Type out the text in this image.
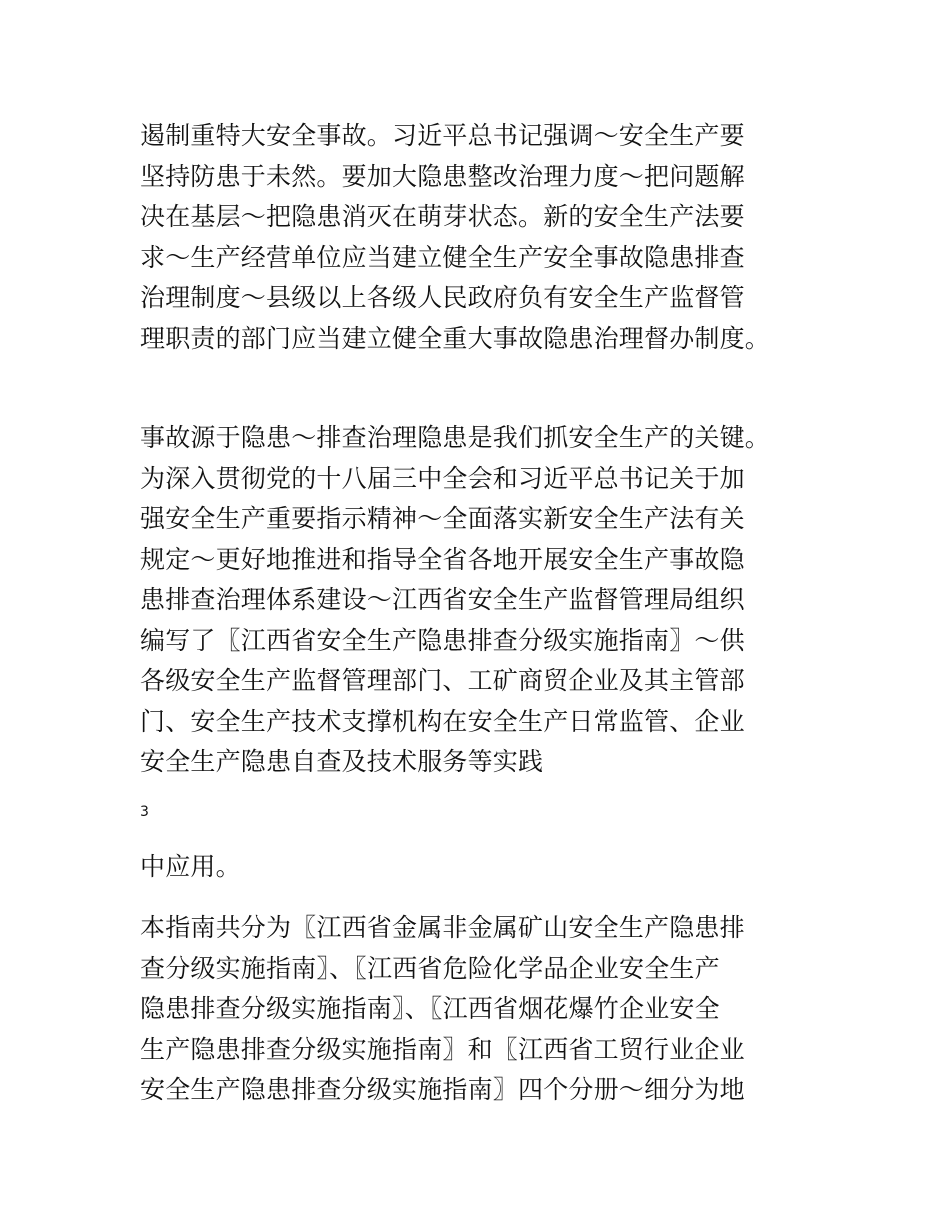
遏制重特大安全事故。习近平总书记强调～安全生产要
坚持防患于未然。要加大隐患整改治理力度～把问题解
决在基层～把隐患消灭在萌芽状态。新的安全生产法要
求～生产经营单位应当建立健全生产安全事故隐患排查
治理制度～县级以上各级人民政府负有安全生产监督管
理职责的部门应当建立健全重大事故隐患治理督办制度。
事故源于隐患～排查治理隐患是我们抓安全生产的关键。
为深入贯彻党的十八届三中全会和习近平总书记关于加
强安全生产重要指示精神～全面落实新安全生产法有关
规定～更好地推进和指导全省各地开展安全生产事故隐
患排查治理体系建设～江西省安全生产监督管理局组织
编写了〖江西省安全生产隐患排查分级实施指南〗～供
各级安全生产监督管理部门、工矿商贸企业及其主管部
门、安全生产技术支撑机构在安全生产日常监管、企业
安全生产隐患自查及技术服务等实践
3
中应用。
本指南共分为〖江西省金属非金属矿山安全生产隐患排
查分级实施指南〗、〖江西省危险化学品企业安全生产
隐患排查分级实施指南〗、〖江西省烟花爆竹企业安全
生产隐患排查分级实施指南〗和〖江西省工贸行业企业
安全生产隐患排查分级实施指南〗四个分册～细分为地
